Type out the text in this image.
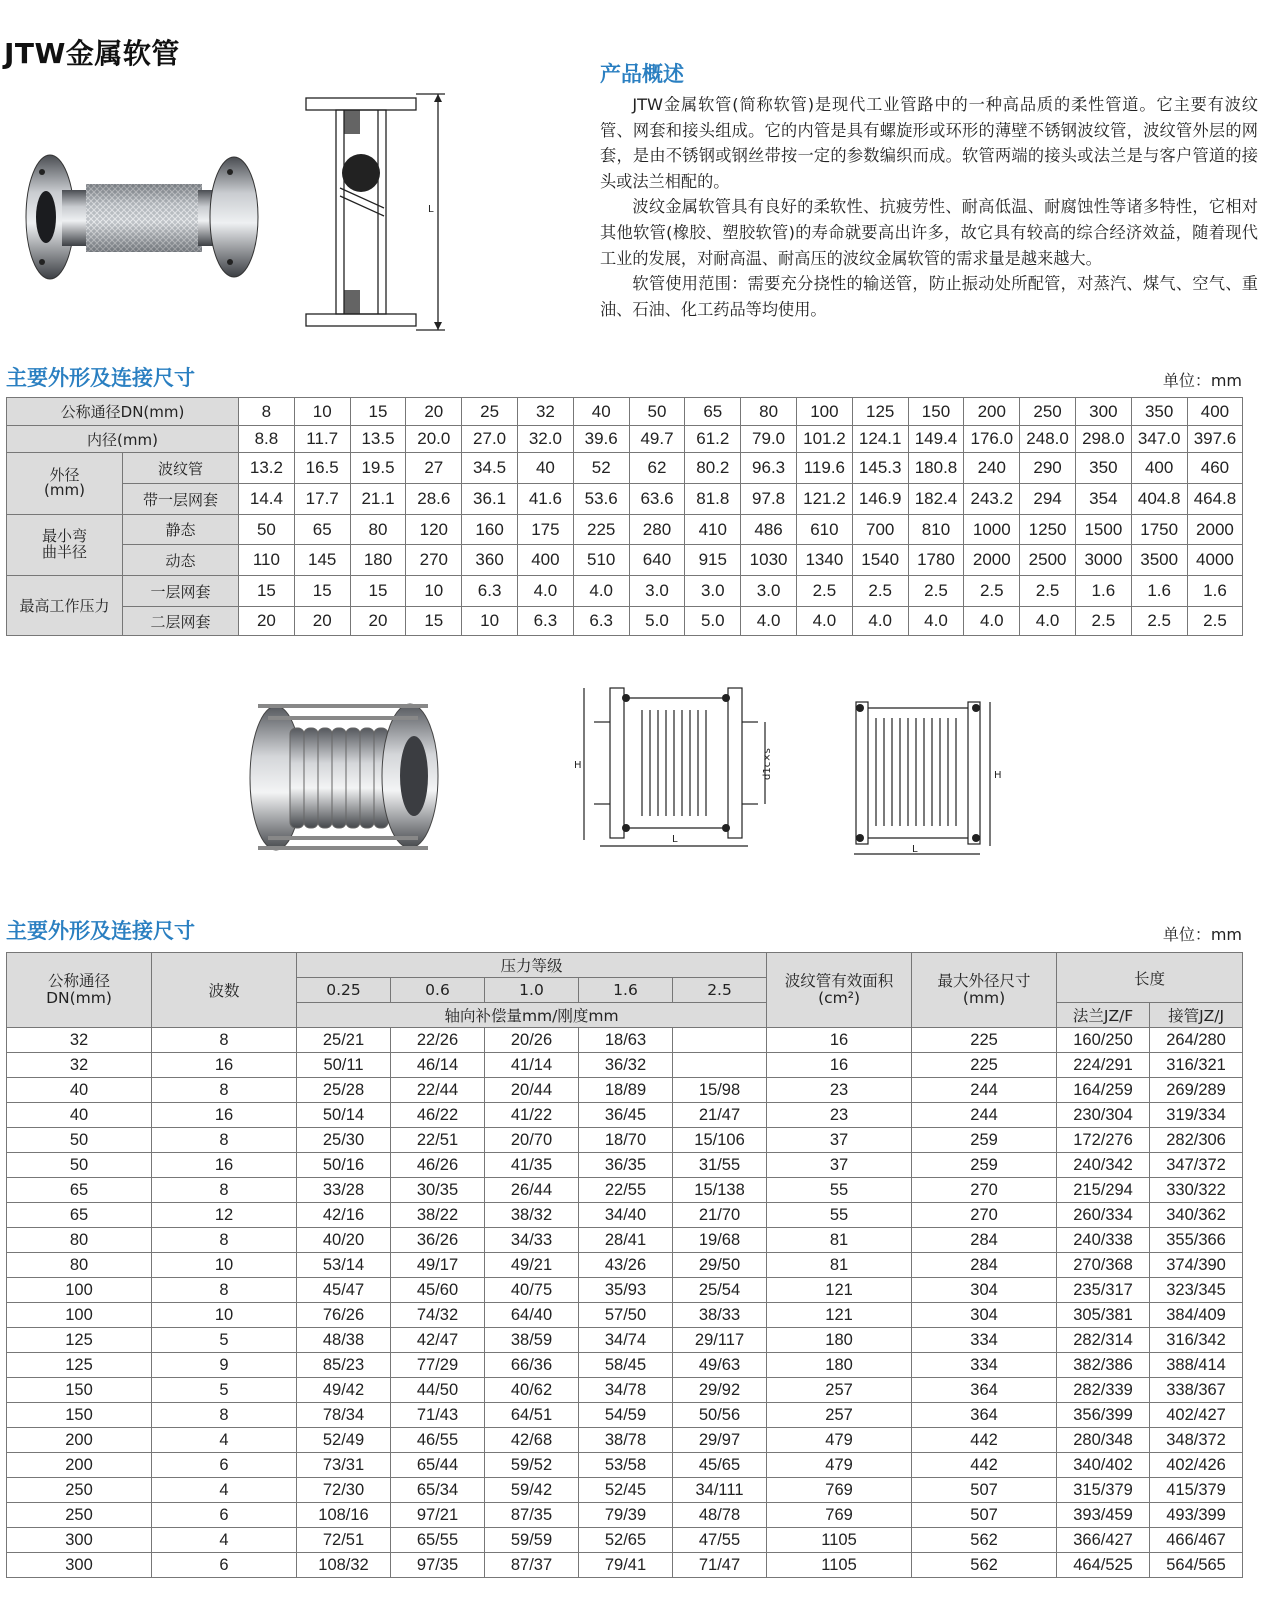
JTW金属软管
L
产品概述

JTW金属软管(简称软管)是现代工业管路中的一种高品质的柔性管道。它主要有波纹管、网套和接头组成。它的内管是具有螺旋形或环形的薄壁不锈钢波纹管，波纹管外层的网套，是由不锈钢或钢丝带按一定的参数编织而成。软管两端的接头或法兰是与客户管道的接头或法兰相配的。

波纹金属软管具有良好的柔软性、抗疲劳性、耐高低温、耐腐蚀性等诸多特性，它相对其他软管(橡胶、塑胶软管)的寿命就要高出许多，故它具有较高的综合经济效益，随着现代工业的发展，对耐高温、耐高压的波纹金属软管的需求量是越来越大。

软管使用范围：需要充分挠性的输送管，防止振动处所配管，对蒸汽、煤气、空气、重油、石油、化工药品等均使用。

主要外形及连接尺寸	单位：mm
公称通径DN(mm)		8	10	15	20	25	32	40	50	65	80	100	125	150	200	250	300	350	400
内径(mm)		8.8	11.7	13.5	20.0	27.0	32.0	39.6	49.7	61.2	79.0	101.2	124.1	149.4	176.0	248.0	298.0	347.0	397.6
外径
(mm)	波纹管	13.2	16.5	19.5	27	34.5	40	52	62	80.2	96.3	119.6	145.3	180.8	240	290	350	400	460
	带一层网套	14.4	17.7	21.1	28.6	36.1	41.6	53.6	63.6	81.8	97.8	121.2	146.9	182.4	243.2	294	354	404.8	464.8
最小弯
曲半径	静态	50	65	80	120	160	175	225	280	410	486	610	700	810	1000	1250	1500	1750	2000
	动态	110	145	180	270	360	400	510	640	915	1030	1340	1540	1780	2000	2500	3000	3500	4000
最高工作压力	一层网套	15	15	15	10	6.3	4.0	4.0	3.0	3.0	3.0	2.5	2.5	2.5	2.5	2.5	1.6	1.6	1.6
	二层网套	20	20	20	15	10	6.3	6.3	5.0	5.0	4.0	4.0	4.0	4.0	4.0	4.0	2.5	2.5	2.5
H
L
d1c×s	H
L
主要外形及连接尺寸	单位：mm
公称通径
DN(mm)	波数	压力等级					波纹管有效面积
(cm²)	最大外径尺寸
(mm)	长度	
		0.25	0.6	1.0	1.6	2.5				
		轴向补偿量mm/刚度mm							法兰JZ/F	接管JZ/J
32	8	25/21	22/26	20/26	18/63		16	225	160/250	264/280
32	16	50/11	46/14	41/14	36/32		16	225	224/291	316/321
40	8	25/28	22/44	20/44	18/89	15/98	23	244	164/259	269/289
40	16	50/14	46/22	41/22	36/45	21/47	23	244	230/304	319/334
50	8	25/30	22/51	20/70	18/70	15/106	37	259	172/276	282/306
50	16	50/16	46/26	41/35	36/35	31/55	37	259	240/342	347/372
65	8	33/28	30/35	26/44	22/55	15/138	55	270	215/294	330/322
65	12	42/16	38/22	38/32	34/40	21/70	55	270	260/334	340/362
80	8	40/20	36/26	34/33	28/41	19/68	81	284	240/338	355/366
80	10	53/14	49/17	49/21	43/26	29/50	81	284	270/368	374/390
100	8	45/47	45/60	40/75	35/93	25/54	121	304	235/317	323/345
100	10	76/26	74/32	64/40	57/50	38/33	121	304	305/381	384/409
125	5	48/38	42/47	38/59	34/74	29/117	180	334	282/314	316/342
125	9	85/23	77/29	66/36	58/45	49/63	180	334	382/386	388/414
150	5	49/42	44/50	40/62	34/78	29/92	257	364	282/339	338/367
150	8	78/34	71/43	64/51	54/59	50/56	257	364	356/399	402/427
200	4	52/49	46/55	42/68	38/78	29/97	479	442	280/348	348/372
200	6	73/31	65/44	59/52	53/58	45/65	479	442	340/402	402/426
250	4	72/30	65/34	59/42	52/45	34/111	769	507	315/379	415/379
250	6	108/16	97/21	87/35	79/39	48/78	769	507	393/459	493/399
300	4	72/51	65/55	59/59	52/65	47/55	1105	562	366/427	466/467
300	6	108/32	97/35	87/37	79/41	71/47	1105	562	464/525	564/565
